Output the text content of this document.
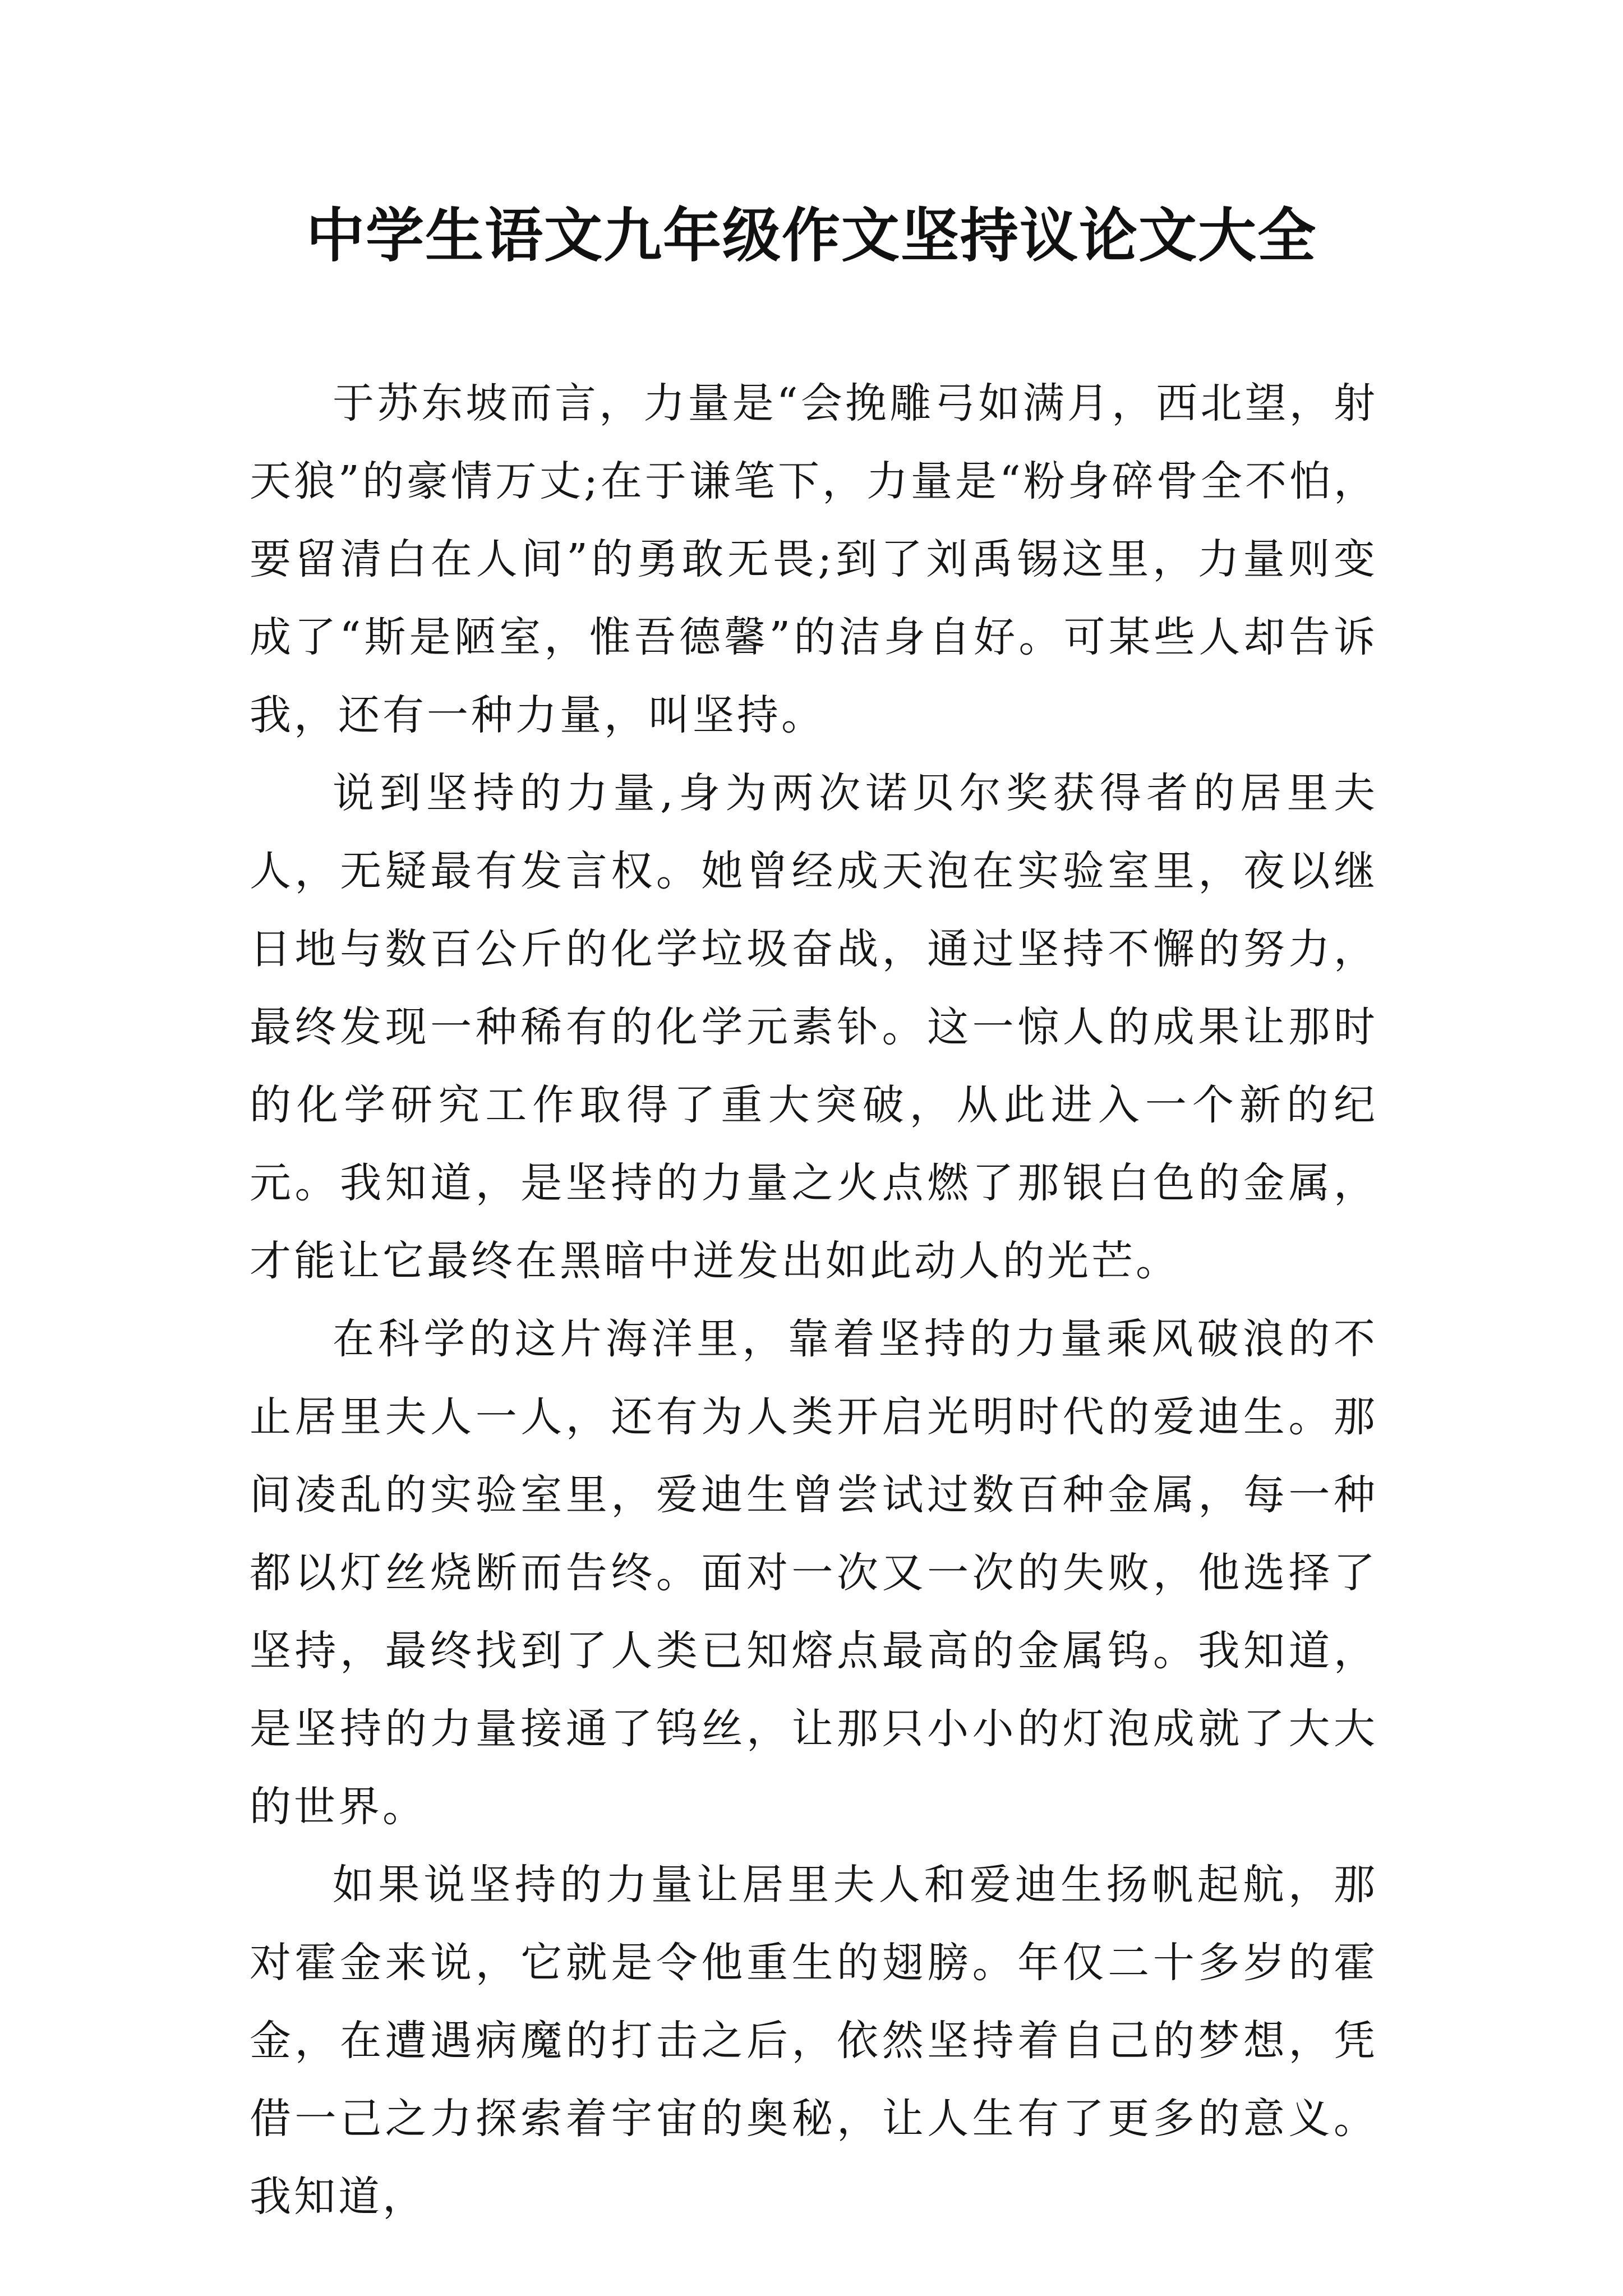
中学生语文九年级作文坚持议论文大全

于苏东坡而言，力量是“会挽雕弓如满月，西北望，射天狼”的豪情万丈;在于谦笔下，力量是“粉身碎骨全不怕，要留清白在人间”的勇敢无畏;到了刘禹锡这里，力量则变成了“斯是陋室，惟吾德馨”的洁身自好。可某些人却告诉我，还有一种力量，叫坚持。

说到坚持的力量,身为两次诺贝尔奖获得者的居里夫人，无疑最有发言权。她曾经成天泡在实验室里，夜以继日地与数百公斤的化学垃圾奋战，通过坚持不懈的努力，最终发现一种稀有的化学元素钋。这一惊人的成果让那时的化学研究工作取得了重大突破，从此进入一个新的纪元。我知道，是坚持的力量之火点燃了那银白色的金属，才能让它最终在黑暗中迸发出如此动人的光芒。

在科学的这片海洋里，靠着坚持的力量乘风破浪的不止居里夫人一人，还有为人类开启光明时代的爱迪生。那间凌乱的实验室里，爱迪生曾尝试过数百种金属，每一种都以灯丝烧断而告终。面对一次又一次的失败，他选择了坚持，最终找到了人类已知熔点最高的金属钨。我知道，是坚持的力量接通了钨丝，让那只小小的灯泡成就了大大的世界。

如果说坚持的力量让居里夫人和爱迪生扬帆起航，那对霍金来说，它就是令他重生的翅膀。年仅二十多岁的霍金，在遭遇病魔的打击之后，依然坚持着自己的梦想，凭借一己之力探索着宇宙的奥秘，让人生有了更多的意义。我知道，
